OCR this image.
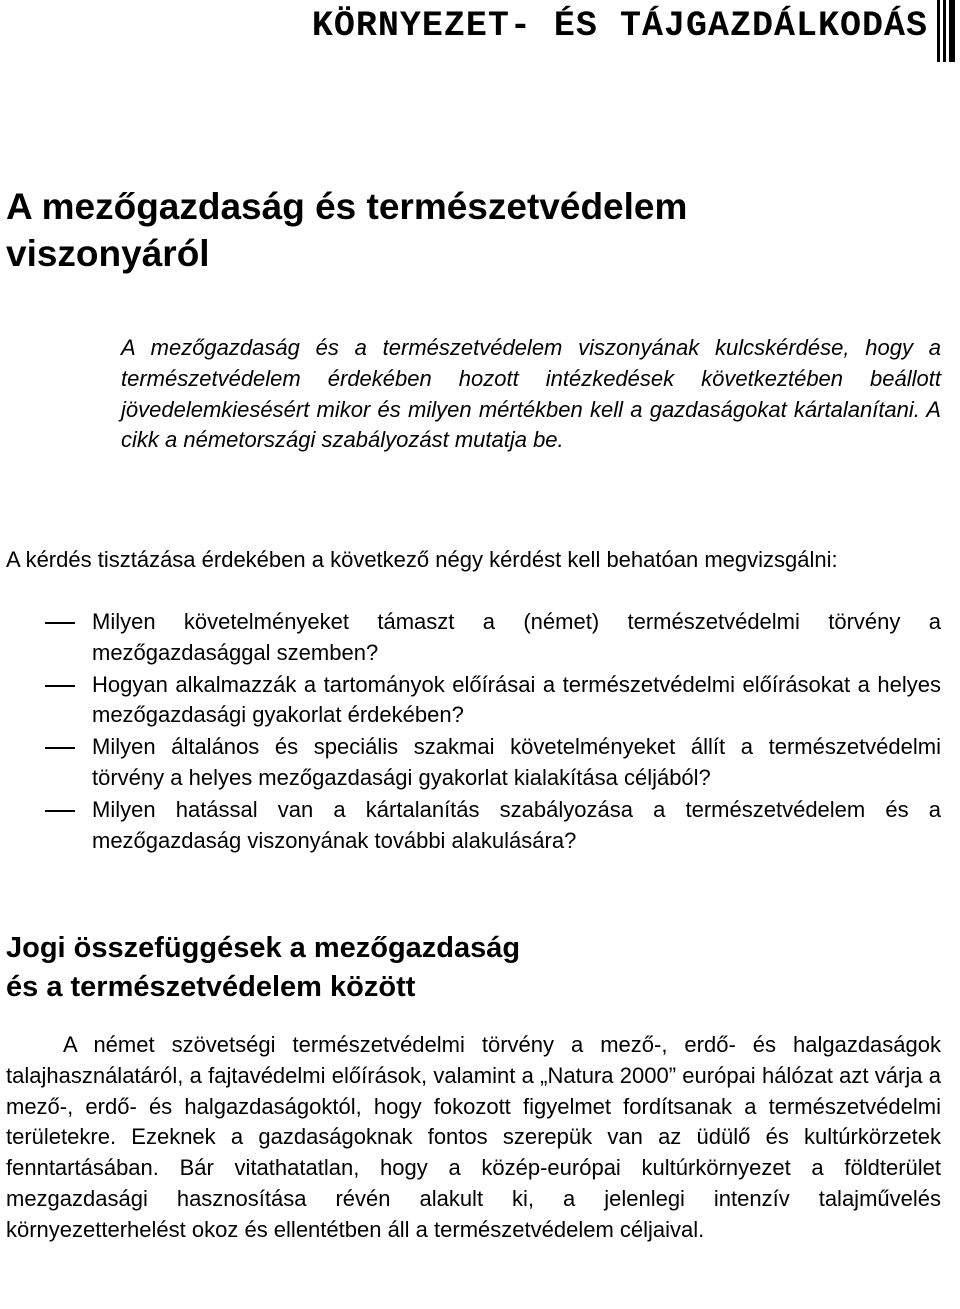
KÖRNYEZET- ÉS TÁJGAZDÁLKODÁS
A mezőgazdaság és természetvédelem
viszonyáról

A mezőgazdaság és a természetvédelem viszonyának kulcskérdése, hogy a természetvédelem érdekében hozott intézkedések következtében beállott jövedelemkiesésért mikor és milyen mértékben kell a gazdaságokat kártalanítani. A cikk a németországi szabályozást mutatja be.

A kérdés tisztázása érdekében a következő négy kérdést kell behatóan megvizsgálni:

Milyen követelményeket támaszt a (német) természetvédelmi törvény a mezőgazdasággal szemben?
Hogyan alkalmazzák a tartományok előírásai a természetvédelmi előírásokat a helyes mezőgazdasági gyakorlat érdekében?
Milyen általános és speciális szakmai követelményeket állít a természetvédelmi törvény a helyes mezőgazdasági gyakorlat kialakítása céljából?
Milyen hatással van a kártalanítás szabályozása a természetvédelem és a mezőgazdaság viszonyának további alakulására?
Jogi összefüggések a mezőgazdaság
és a természetvédelem között

A német szövetségi természetvédelmi törvény a mező-, erdő- és halgazdaságok talajhasználatáról, a fajtavédelmi előírások, valamint a „Natura 2000” európai hálózat azt várja a mező-, erdő- és halgazdaságoktól, hogy fokozott figyelmet fordítsanak a természetvédelmi területekre. Ezeknek a gazdaságoknak fontos szerepük van az üdülő és kultúrkörzetek fenntartásában. Bár vitathatatlan, hogy a közép-európai kultúrkörnyezet a földterület mezgazdasági hasznosítása révén alakult ki, a jelenlegi intenzív talajművelés környezetterhelést okoz és ellentétben áll a természetvédelem céljaival.
